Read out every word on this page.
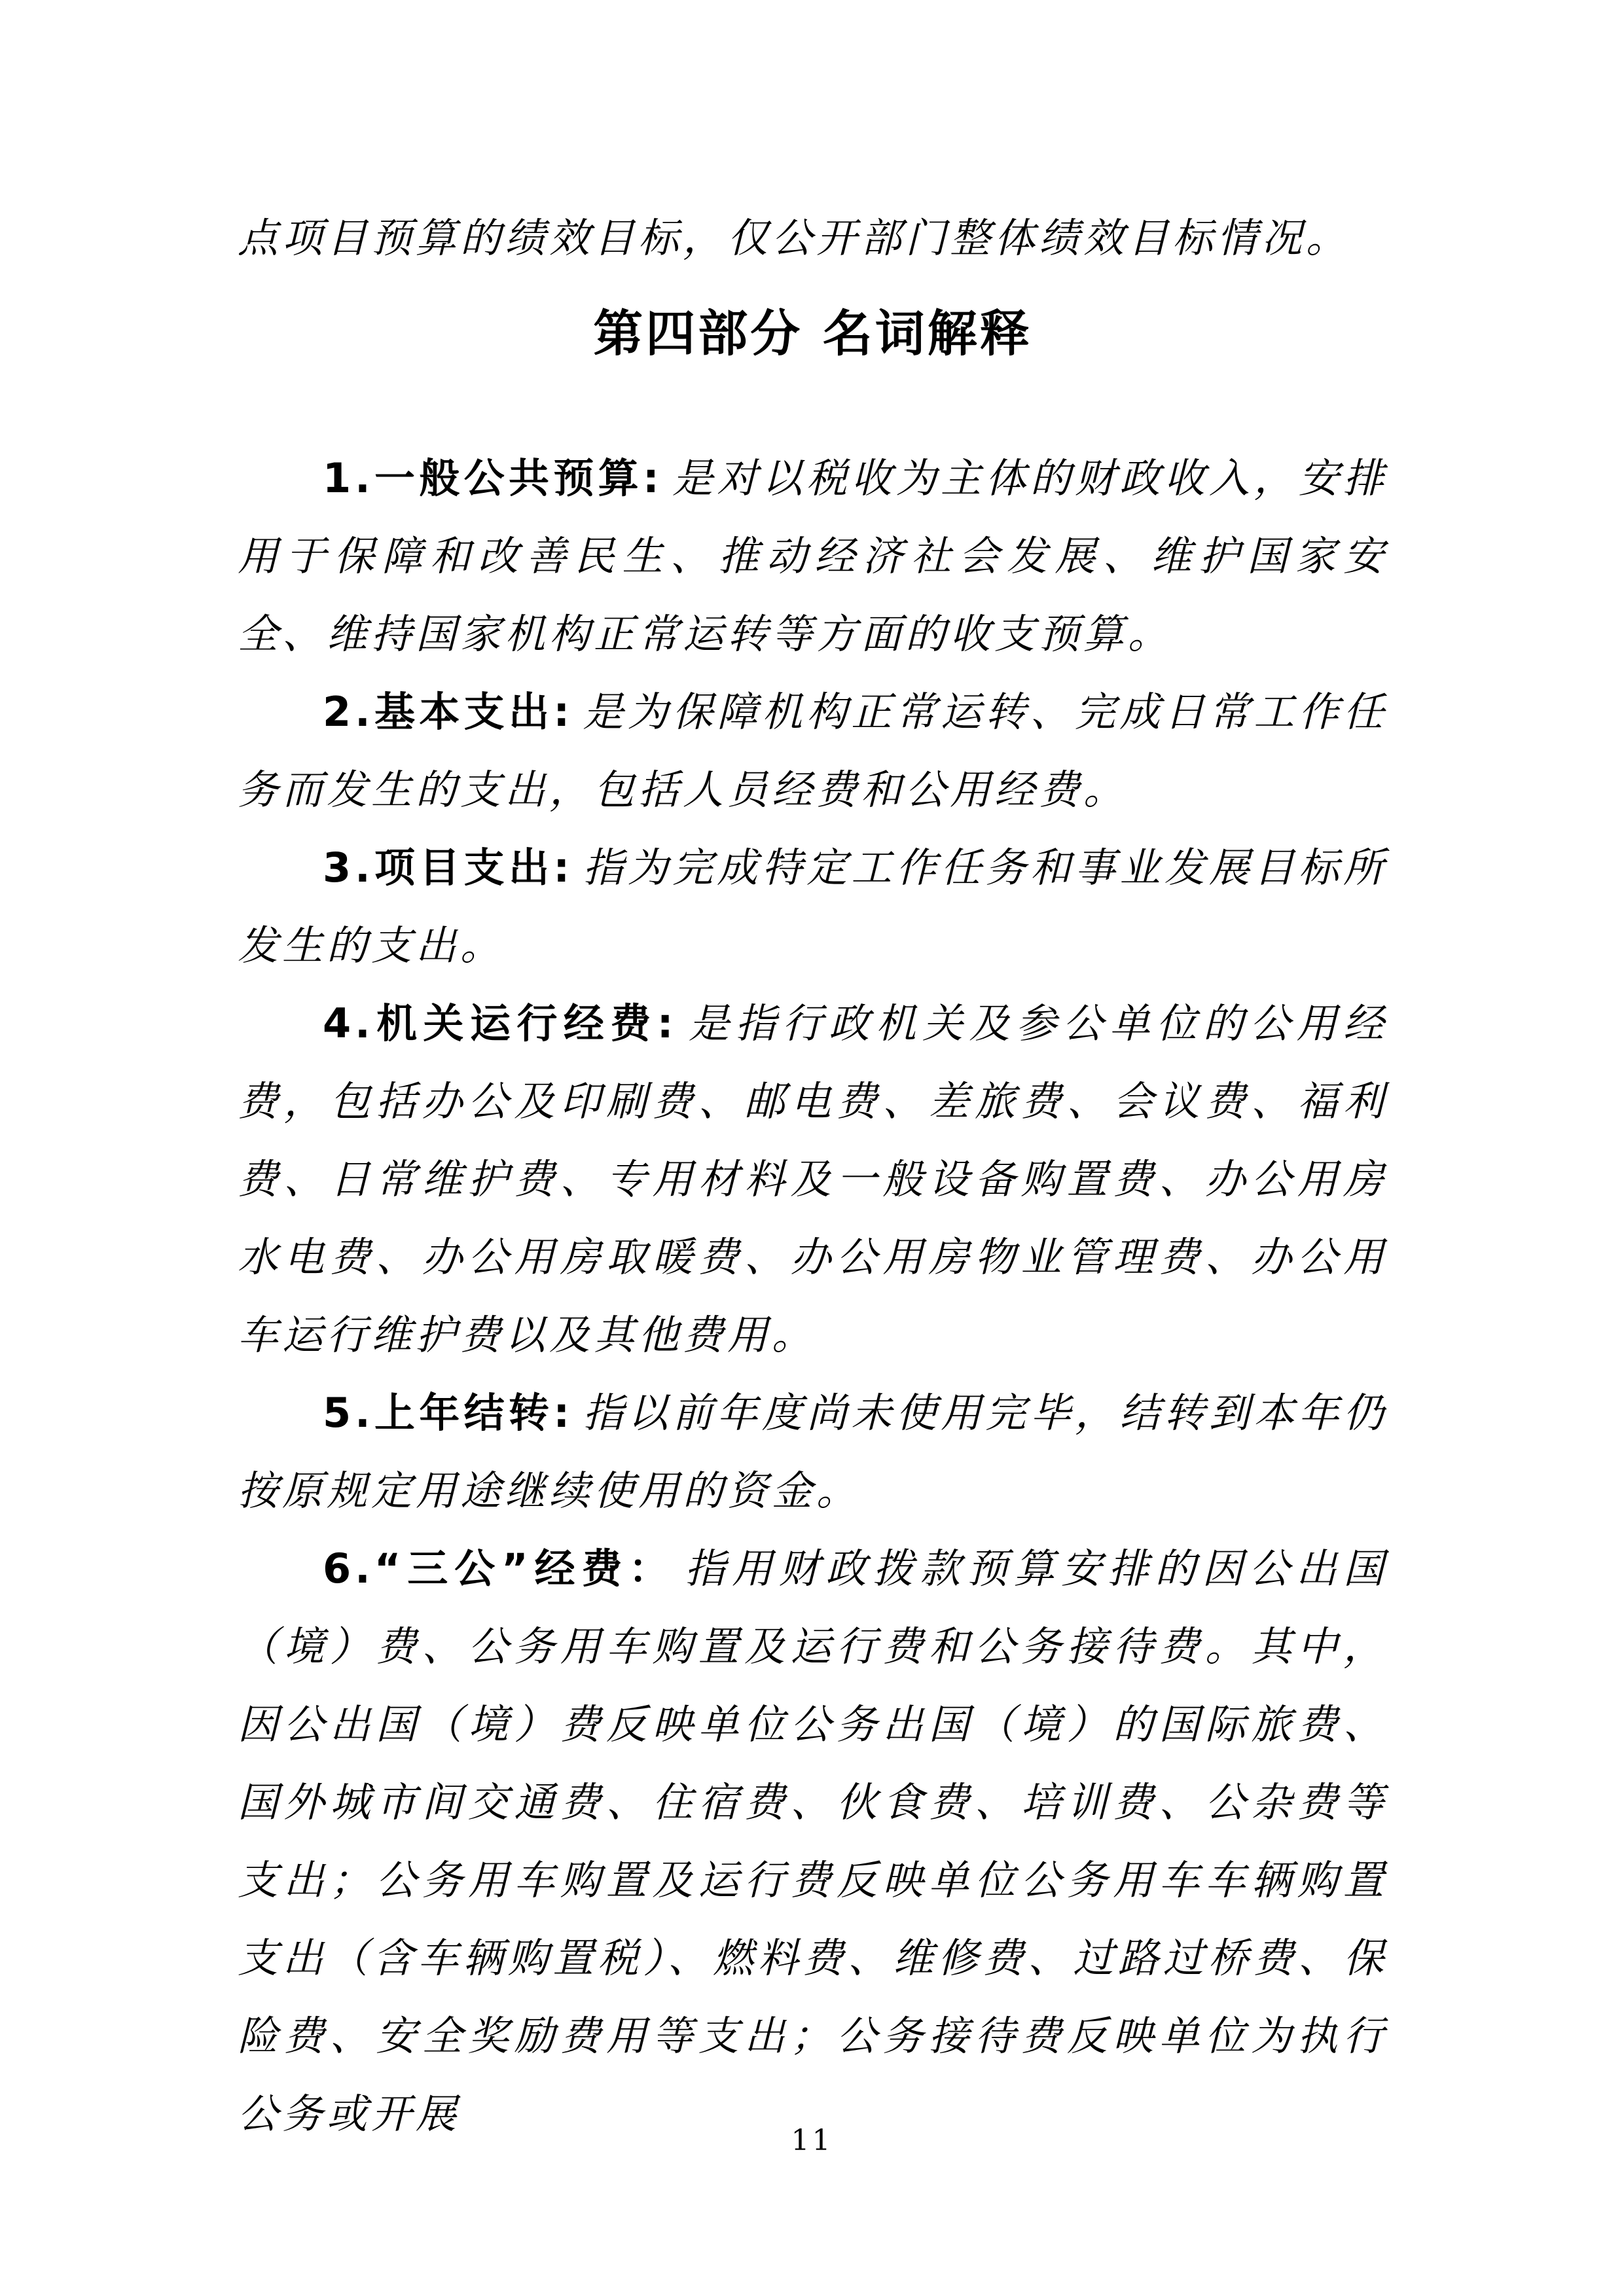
点项目预算的绩效目标，仅公开部门整体绩效目标情况。

第四部分 名词解释

1.一般公共预算: 是对以税收为主体的财政收入，安排用于保障和改善民生、推动经济社会发展、维护国家安全、维持国家机构正常运转等方面的收支预算。

2.基本支出: 是为保障机构正常运转、完成日常工作任务而发生的支出，包括人员经费和公用经费。

3.项目支出: 指为完成特定工作任务和事业发展目标所发生的支出。

4.机关运行经费: 是指行政机关及参公单位的公用经费，包括办公及印刷费、邮电费、差旅费、会议费、福利费、日常维护费、专用材料及一般设备购置费、办公用房水电费、办公用房取暖费、办公用房物业管理费、办公用车运行维护费以及其他费用。

5.上年结转: 指以前年度尚未使用完毕，结转到本年仍按原规定用途继续使用的资金。

6.“三公”经费： 指用财政拨款预算安排的因公出国（境）费、公务用车购置及运行费和公务接待费。其中，因公出国（境）费反映单位公务出国（境）的国际旅费、国外城市间交通费、住宿费、伙食费、培训费、公杂费等支出；公务用车购置及运行费反映单位公务用车车辆购置支出（含车辆购置税）、燃料费、维修费、过路过桥费、保险费、安全奖励费用等支出；公务接待费反映单位为执行公务或开展

11
